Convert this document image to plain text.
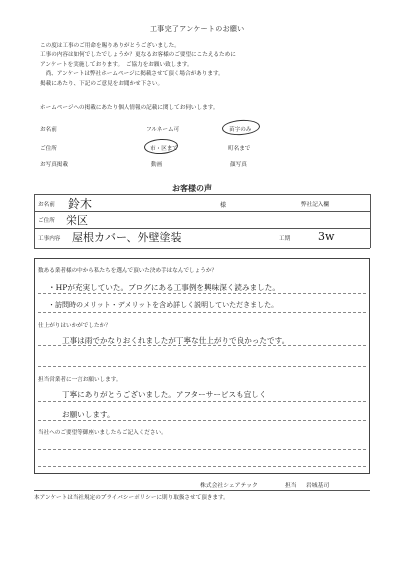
工事完了アンケートのお願い
この度は工事のご用命を賜りありがとうございました。
工事の内容は如何でしたでしょうか？更なるお客様のご要望にこたえるために
アンケートを実施しております。　ご協力をお願い致します。
　尚、アンケートは弊社ホームページに掲載させて頂く場合があります。
掲載にあたり、下記のご意見をお聞かせ下さい。
ホームページへの掲載にあたり個人情報の記載に関してお伺いします。
お名前	フルネーム可	苗字のみ
ご住所	市・区まで	町名まで
お写真掲載	動画	顔写真
お客様の声
お名前 鈴木	様	弊社記入欄
ご住所 栄区
工事内容 屋根カバー、外壁塗装	工期	3w
数ある業者様の中から私たちを選んで頂いた決め手はなんでしょうか？
・HPが充実していた。ブログにある工事例を興味深く読みました。
・訪問時のメリット・デメリットを含め詳しく説明していただきました。
仕上がりはいかがでしたか？
工事は雨でかなりおくれましたが丁寧な仕上がりで良かったです。
担当営業者に一言お願いします。
丁寧にありがとうございました。アフターサービスも宜しく
お願いします。
当社へのご要望等御座いましたらご記入ください。
株式会社シェアテック	担当 岩城基司
本アンケートは当社規定のプライバシーポリシーに則り取扱させて頂きます。
